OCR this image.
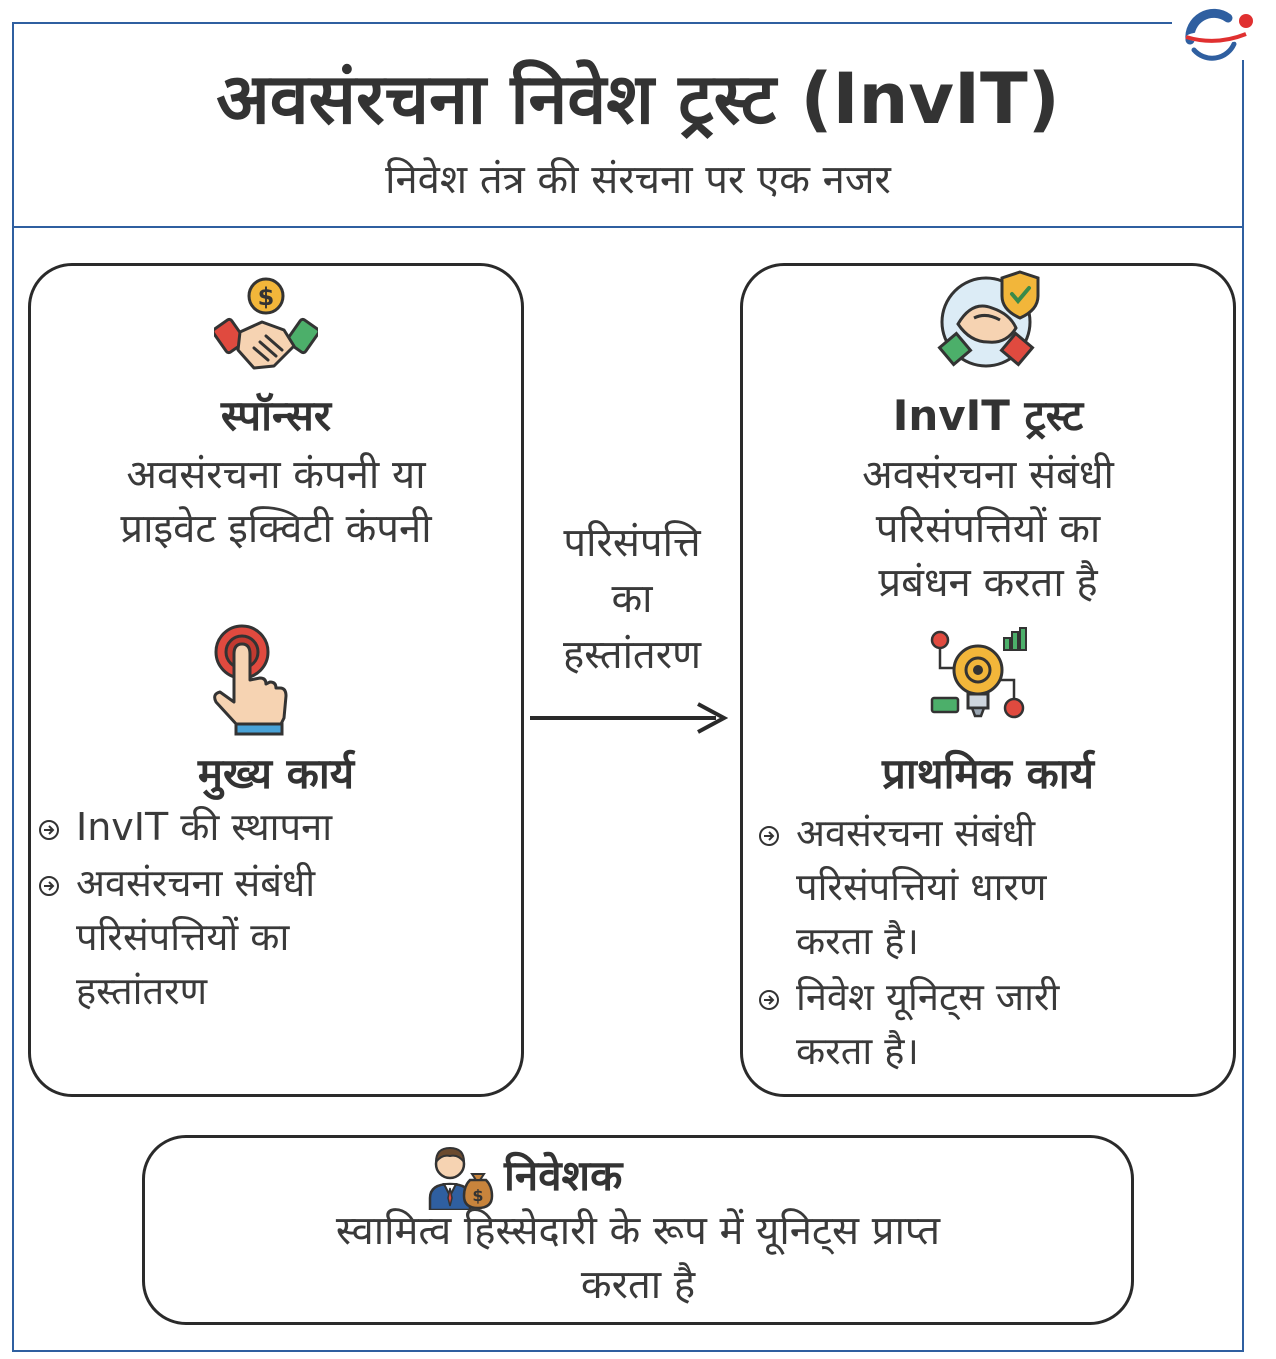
अवसंरचना निवेश ट्रस्ट (InvIT)
निवेश तंत्र की संरचना पर एक नजर
$
स्पॉन्सर
अवसंरचना कंपनी या
प्राइवेट इक्विटी कंपनी
मुख्य कार्य
InvIT की स्थापना
अवसंरचना संबंधी
परिसंपत्तियों का
हस्तांतरण
परिसंपत्ति
का
हस्तांतरण
InvIT ट्रस्ट
अवसंरचना संबंधी
परिसंपत्तियों का
प्रबंधन करता है
प्राथमिक कार्य
अवसंरचना संबंधी
परिसंपत्तियां धारण
करता है।
निवेश यूनिट्स जारी
करता है।
$ निवेशक
स्वामित्व हिस्सेदारी के रूप में यूनिट्स प्राप्त
करता है
